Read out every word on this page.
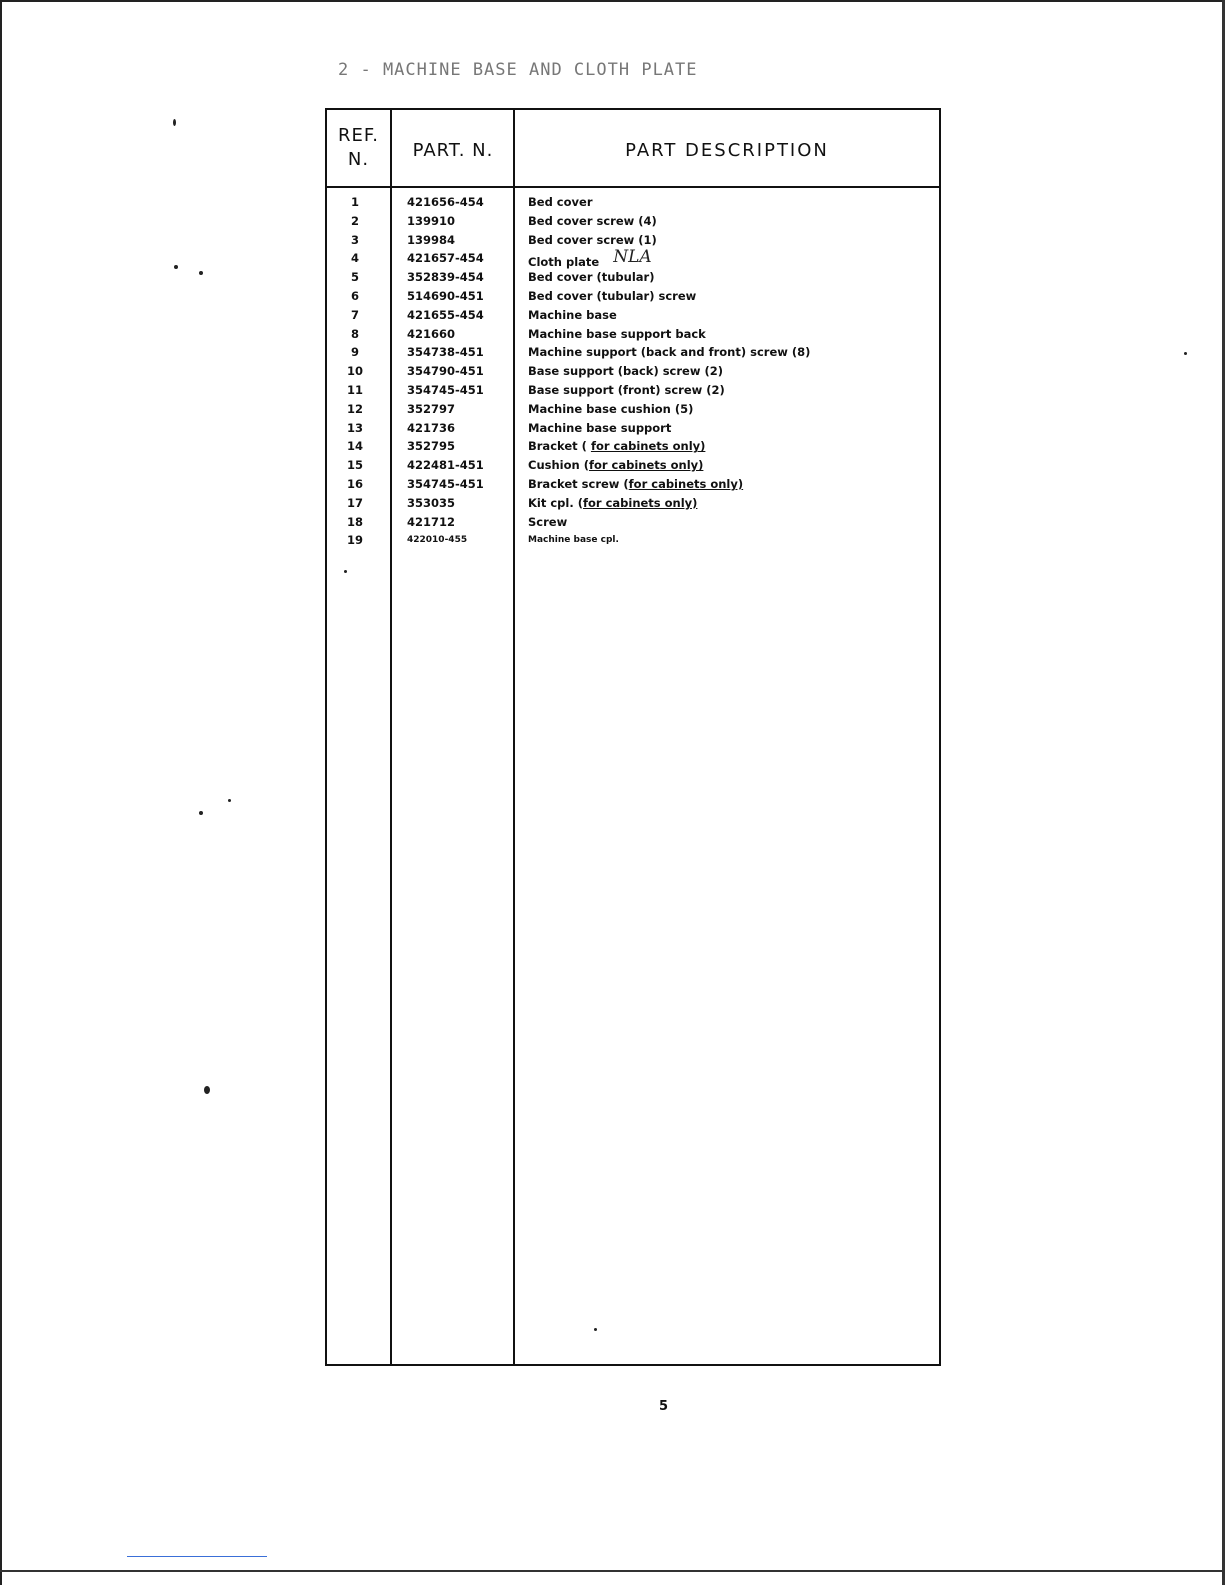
2 - MACHINE BASE AND CLOTH PLATE
REF.
N.	PART. N.	PART DESCRIPTION
1	421656-454	Bed cover
2	139910	Bed cover screw (4)
3	139984	Bed cover screw (1)
4	421657-454	Cloth plate NLA
5	352839-454	Bed cover (tubular)
6	514690-451	Bed cover (tubular) screw
7	421655-454	Machine base
8	421660	Machine base support back
9	354738-451	Machine support (back and front) screw (8)
10	354790-451	Base support (back) screw (2)
11	354745-451	Base support (front) screw (2)
12	352797	Machine base cushion (5)
13	421736	Machine base support
14	352795	Bracket ( for cabinets only)
15	422481-451	Cushion (for cabinets only)
16	354745-451	Bracket screw (for cabinets only)
17	353035	Kit cpl. (for cabinets only)
18	421712	Screw
19	422010-455	Machine base cpl.
5
